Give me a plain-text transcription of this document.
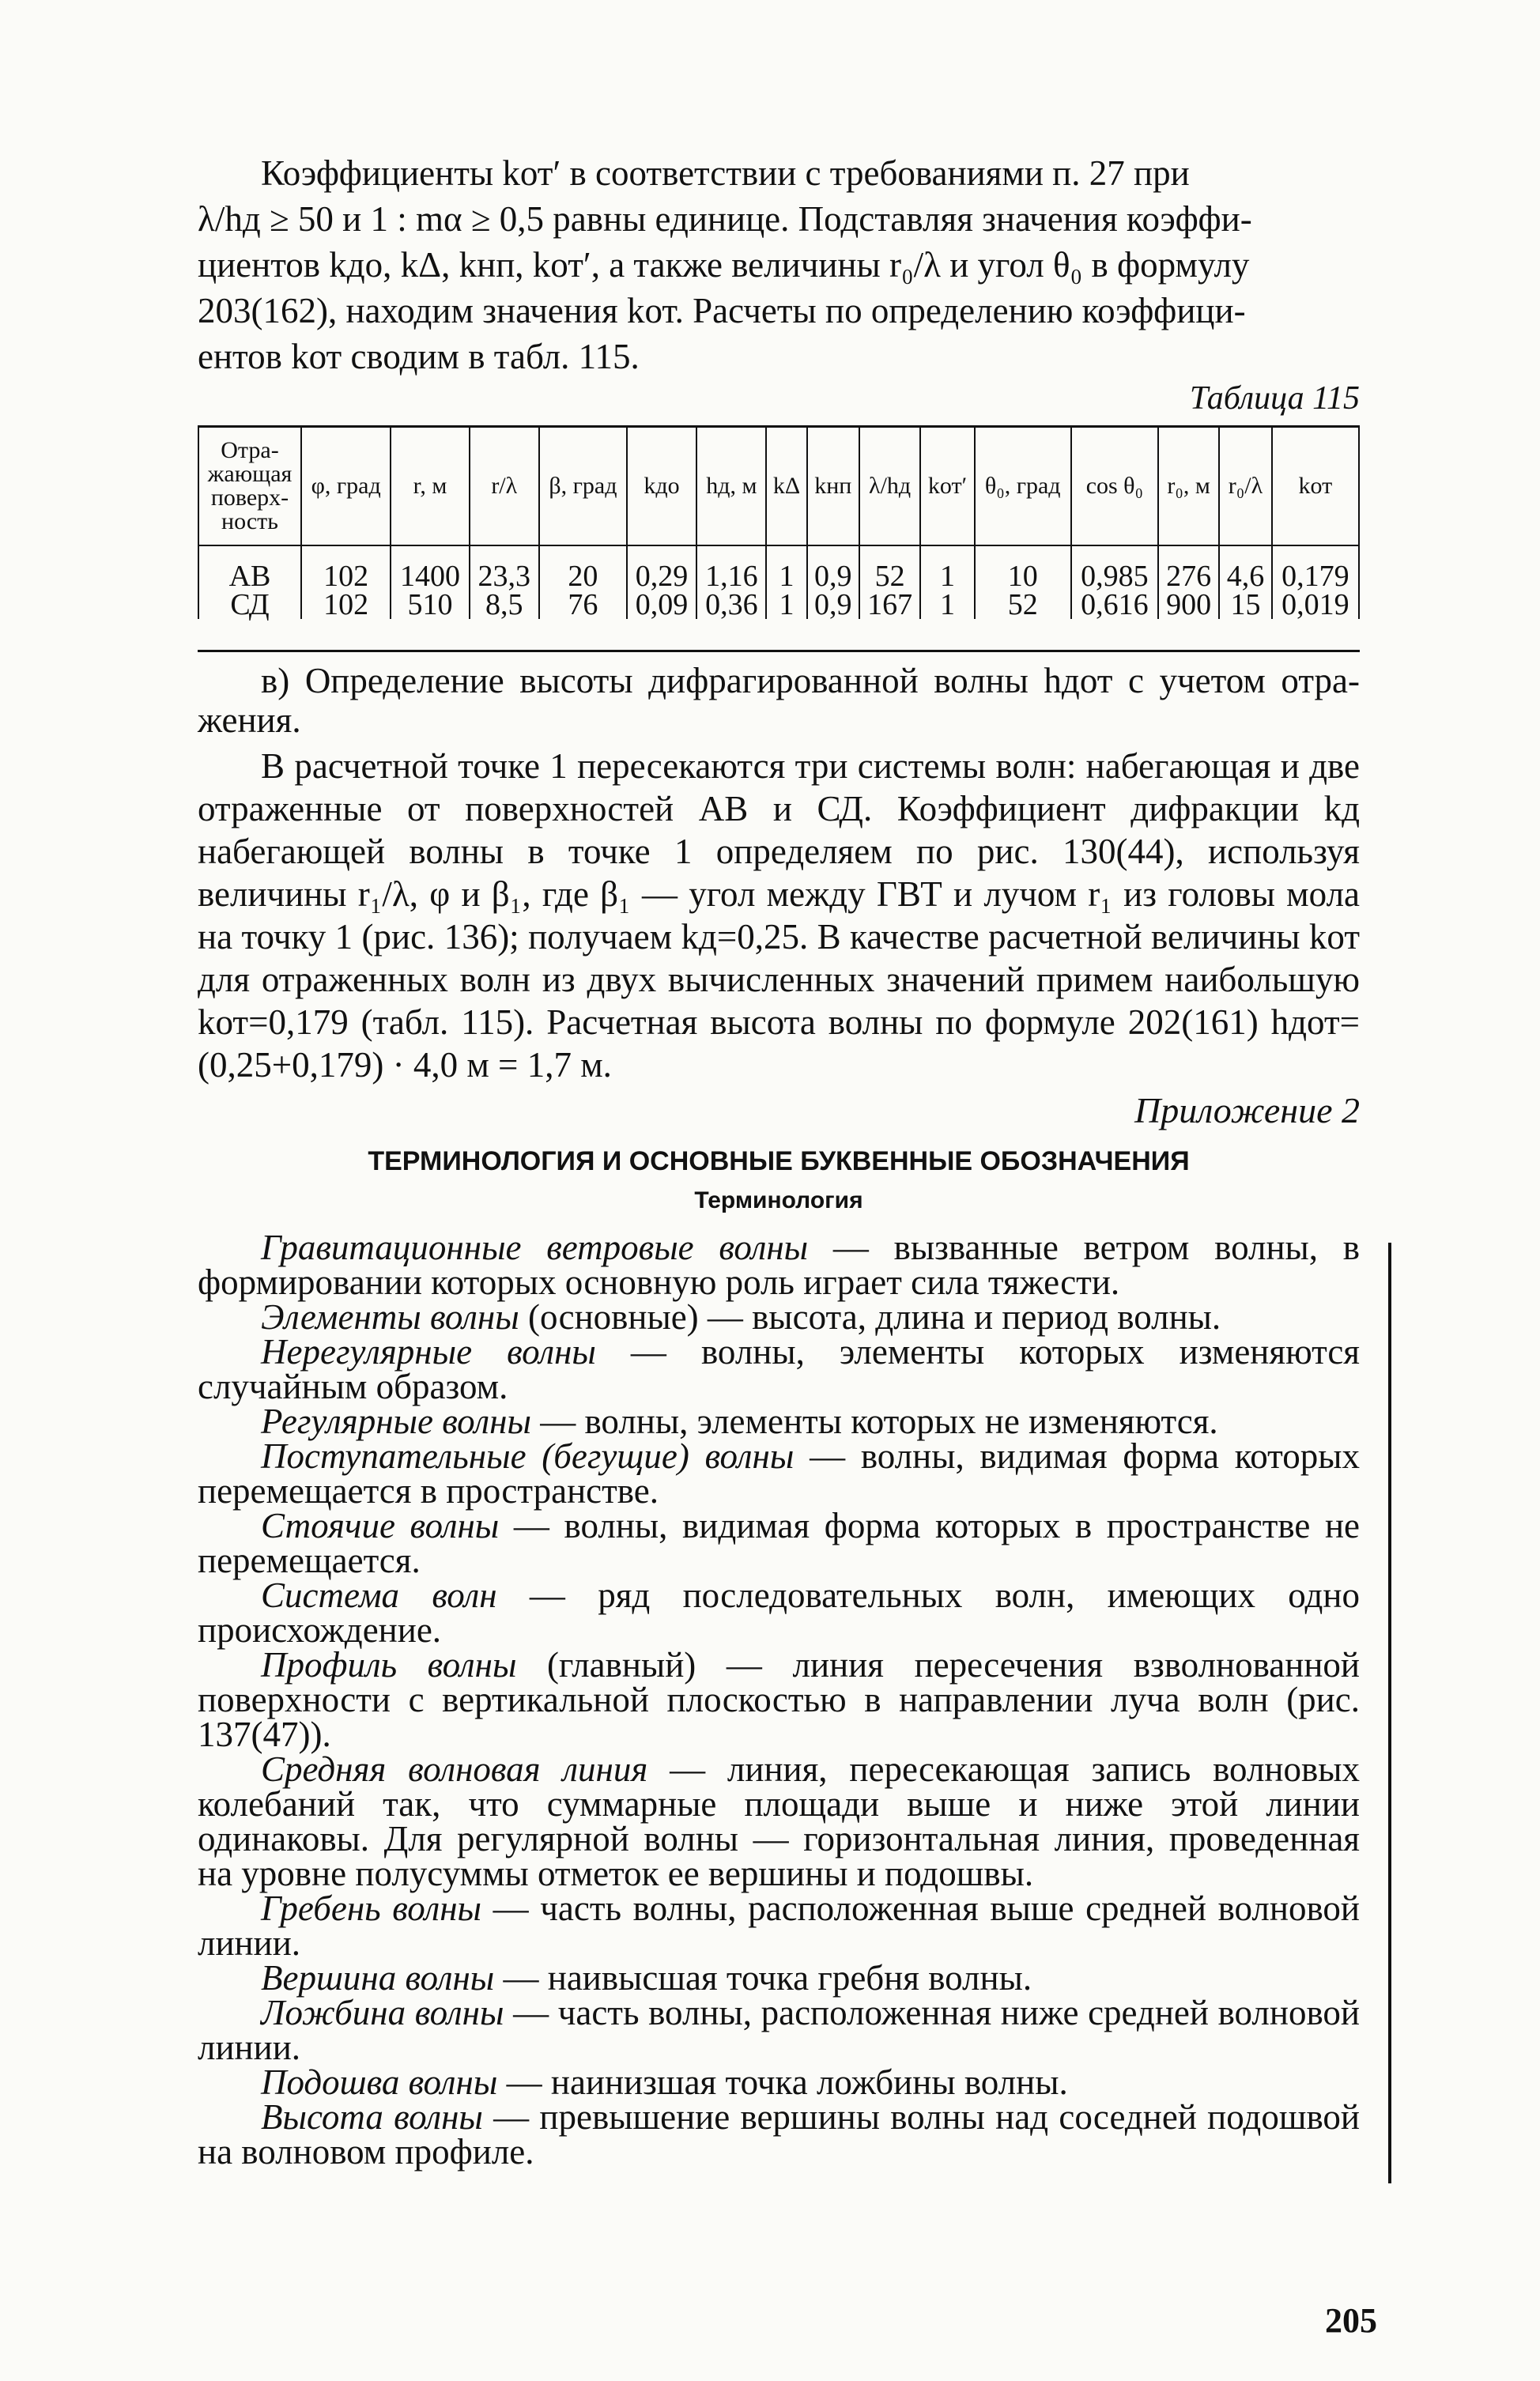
Коэффициенты kот′ в соответствии с требованиями п. 27 при

λ/hд ≥ 50 и 1 : mα ≥ 0,5 равны единице. Подставляя значения коэффи-

циентов kдо, kΔ, kнп, kот′, а также величины r₀/λ и угол θ₀ в формулу

203(162), находим значения kот. Расчеты по определению коэффици-

ентов kот сводим в табл. 115.

Таблица 115
Отра-жающая поверх-ность	φ, град	r, м	r/λ	β, град	kдо	hд, м	kΔ	kнп	λ/hд	kот′	θ₀, град	cos θ₀	r₀, м	r₀/λ	kот
АВ	102	1400	23,3	20	0,29	1,16	1	0,9	52	1	10	0,985	276	4,6	0,179
СД	102	510	8,5	76	0,09	0,36	1	0,9	167	1	52	0,616	900	15	0,019

в) Определение высоты дифрагированной волны hдот с учетом отра-жения.

В расчетной точке 1 пересекаются три системы волн: набегающая и две отраженные от поверхностей АВ и СД. Коэффициент дифракции kд набегающей волны в точке 1 определяем по рис. 130(44), используя величины r₁/λ, φ и β₁, где β₁ — угол между ГВТ и лучом r₁ из головы мола на точку 1 (рис. 136); получаем kд=0,25. В качестве расчетной величины kот для отраженных волн из двух вычисленных значений примем наибольшую kот=0,179 (табл. 115). Расчетная высота волны по формуле 202(161) hдот= (0,25+0,179) · 4,0 м = 1,7 м.

Приложение 2
ТЕРМИНОЛОГИЯ И ОСНОВНЫЕ БУКВЕННЫЕ ОБОЗНАЧЕНИЯ
Терминология

Гравитационные ветровые волны — вызванные ветром волны, в формировании которых основную роль играет сила тяжести.

Элементы волны (основные) — высота, длина и период волны.

Нерегулярные волны — волны, элементы которых изменяются случайным образом.

Регулярные волны — волны, элементы которых не изменяются.

Поступательные (бегущие) волны — волны, видимая форма которых перемещается в пространстве.

Стоячие волны — волны, видимая форма которых в пространстве не перемещается.

Система волн — ряд последовательных волн, имеющих одно происхождение.

Профиль волны (главный) — линия пересечения взволнованной поверхности с вертикальной плоскостью в направлении луча волн (рис. 137(47)).

Средняя волновая линия — линия, пересекающая запись волновых колебаний так, что суммарные площади выше и ниже этой линии одинаковы. Для регулярной волны — горизонтальная линия, проведенная на уровне полусуммы отметок ее вершины и подошвы.

Гребень волны — часть волны, расположенная выше средней волновой линии.

Вершина волны — наивысшая точка гребня волны.

Ложбина волны — часть волны, расположенная ниже средней волновой линии.

Подошва волны — наинизшая точка ложбины волны.

Высота волны — превышение вершины волны над соседней подошвой на волновом профиле.

205
